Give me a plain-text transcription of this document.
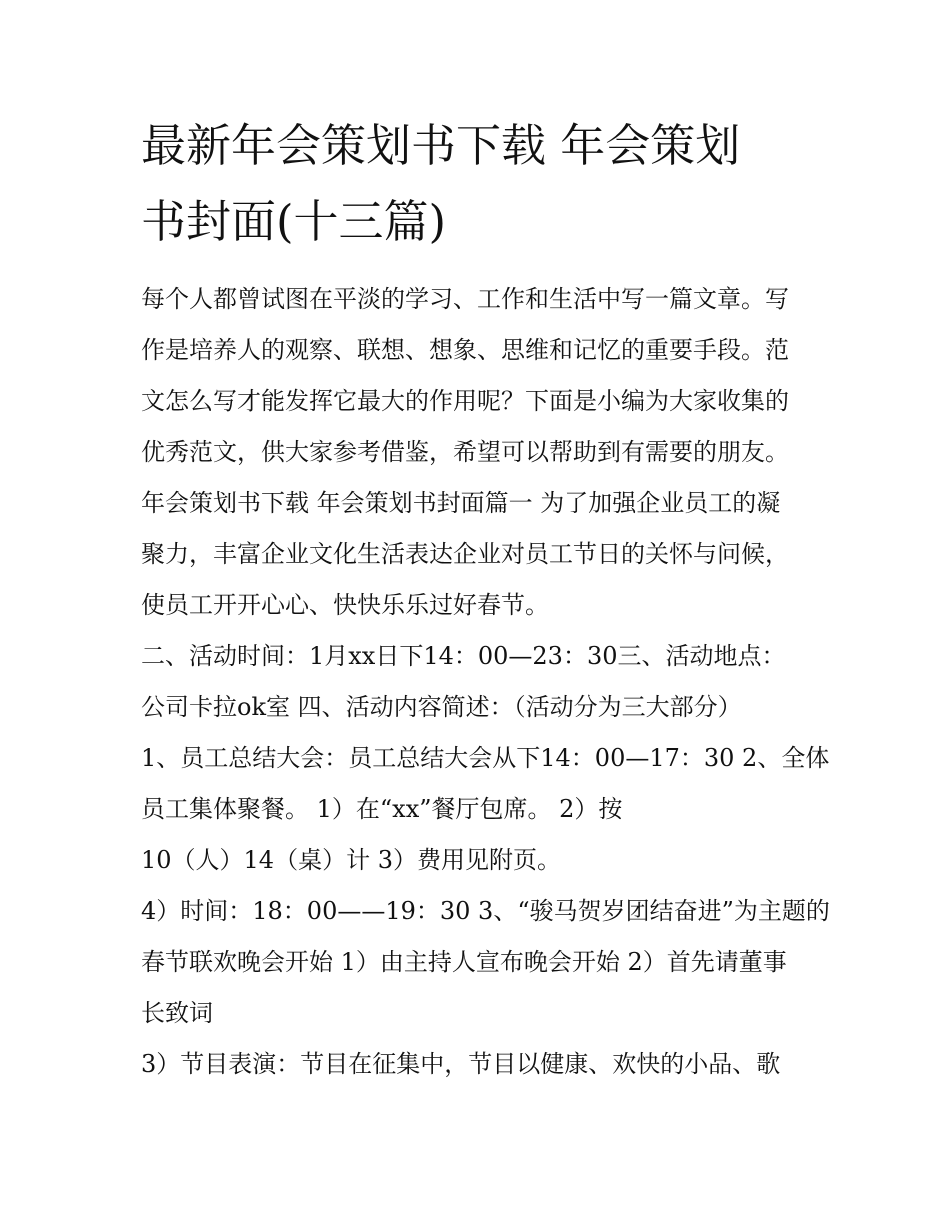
最新年会策划书下载 年会策划
书封面(十三篇)
每个人都曾试图在平淡的学习、工作和生活中写一篇文章。写
作是培养人的观察、联想、想象、思维和记忆的重要手段。范
文怎么写才能发挥它最大的作用呢？下面是小编为大家收集的
优秀范文，供大家参考借鉴，希望可以帮助到有需要的朋友。
年会策划书下载 年会策划书封面篇一 为了加强企业员工的凝
聚力，丰富企业文化生活表达企业对员工节日的关怀与问候，
使员工开开心心、快快乐乐过好春节。
二、活动时间：1月xx日下14：00—23：30三、活动地点：
公司卡拉ok室 四、活动内容简述：（活动分为三大部分）
1、员工总结大会：员工总结大会从下14：00—17：30 2、全体
员工集体聚餐。 1）在“xx”餐厅包席。 2）按
10（人）14（桌）计 3）费用见附页。
4）时间：18：00——19：30 3、“骏马贺岁团结奋进”为主题的
春节联欢晚会开始 1）由主持人宣布晚会开始 2）首先请董事
长致词
3）节目表演：节目在征集中，节目以健康、欢快的小品、歌
